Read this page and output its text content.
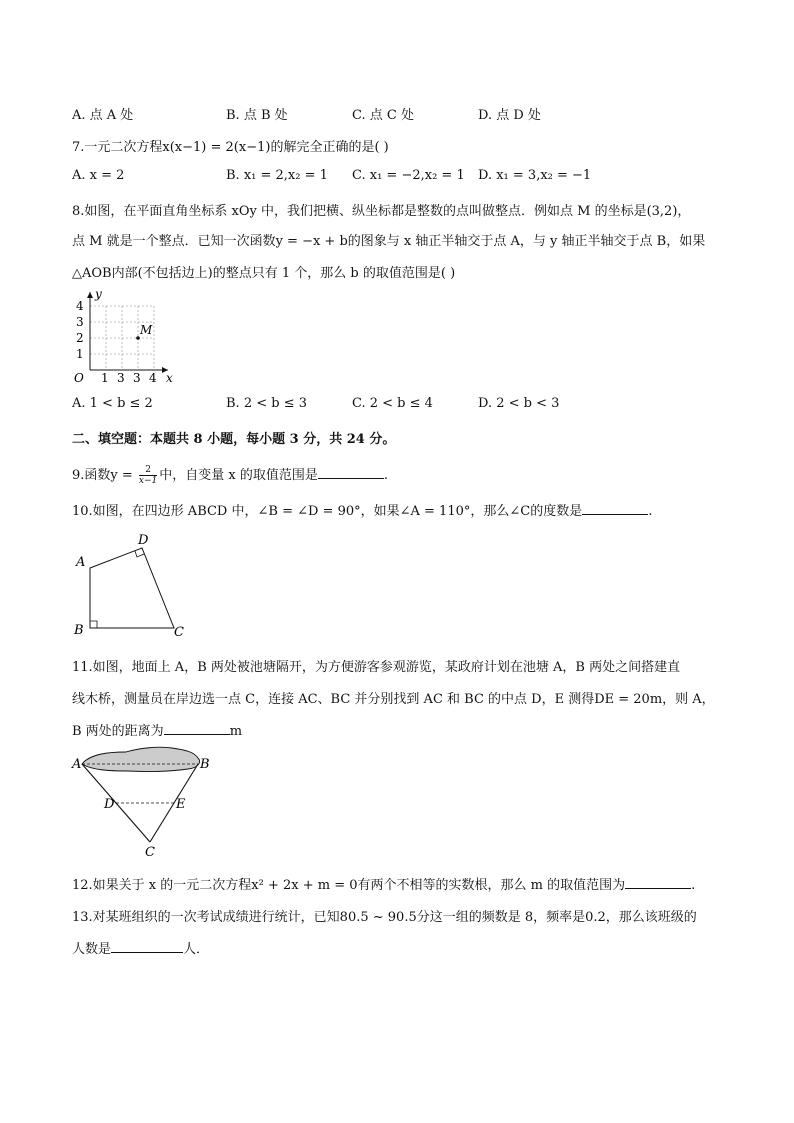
A. 点 A 处	B. 点 B 处	C. 点 C 处	D. 点 D 处
7.一元二次方程x(x−1) = 2(x−1)的解完全正确的是( )
A. x = 2	B. x₁ = 2,x₂ = 1 C. x₁ = −2,x₂ = 1 D. x₁ = 3,x₂ = −1
8.如图，在平面直角坐标系 xOy 中，我们把横、纵坐标都是整数的点叫做整点．例如点 M 的坐标是(3,2)，
点 M 就是一个整点．已知一次函数y = −x + b的图象与 x 轴正半轴交于点 A，与 y 轴正半轴交于点 B，如果
△AOB内部(不包括边上)的整点只有 1 个，那么 b 的取值范围是( )
y
x
O
4
3
2
1
1 3 3 4
M
A. 1 < b ≤ 2	B. 2 < b ≤ 3	C. 2 < b ≤ 4	D. 2 < b < 3
二、填空题：本题共 8 小题，每小题 3 分，共 24 分。
9.函数$y = \frac{2}{x-1}$ 中，自变量 x 的取值范围是	.
10.如图，在四边形 ABCD 中，∠B = ∠D = 90°，如果∠A = 110°，那么∠C的度数是	.
A
B	C
D
11.如图，地面上 A，B 两处被池塘隔开，为方便游客参观游览，某政府计划在池塘 A，B 两处之间搭建直
线木桥，测量员在岸边选一点 C，连接 AC、BC 并分别找到 AC 和 BC 的中点 D，E 测得DE = 20m，则 A，
B 两处的距离为	m
A	B
C
D	E
12.如果关于 x 的一元二次方程x² + 2x + m = 0有两个不相等的实数根，那么 m 的取值范围为	.
13.对某班组织的一次考试成绩进行统计，已知80.5 ~ 90.5分这一组的频数是 8，频率是0.2，那么该班级的
人数是	人．
